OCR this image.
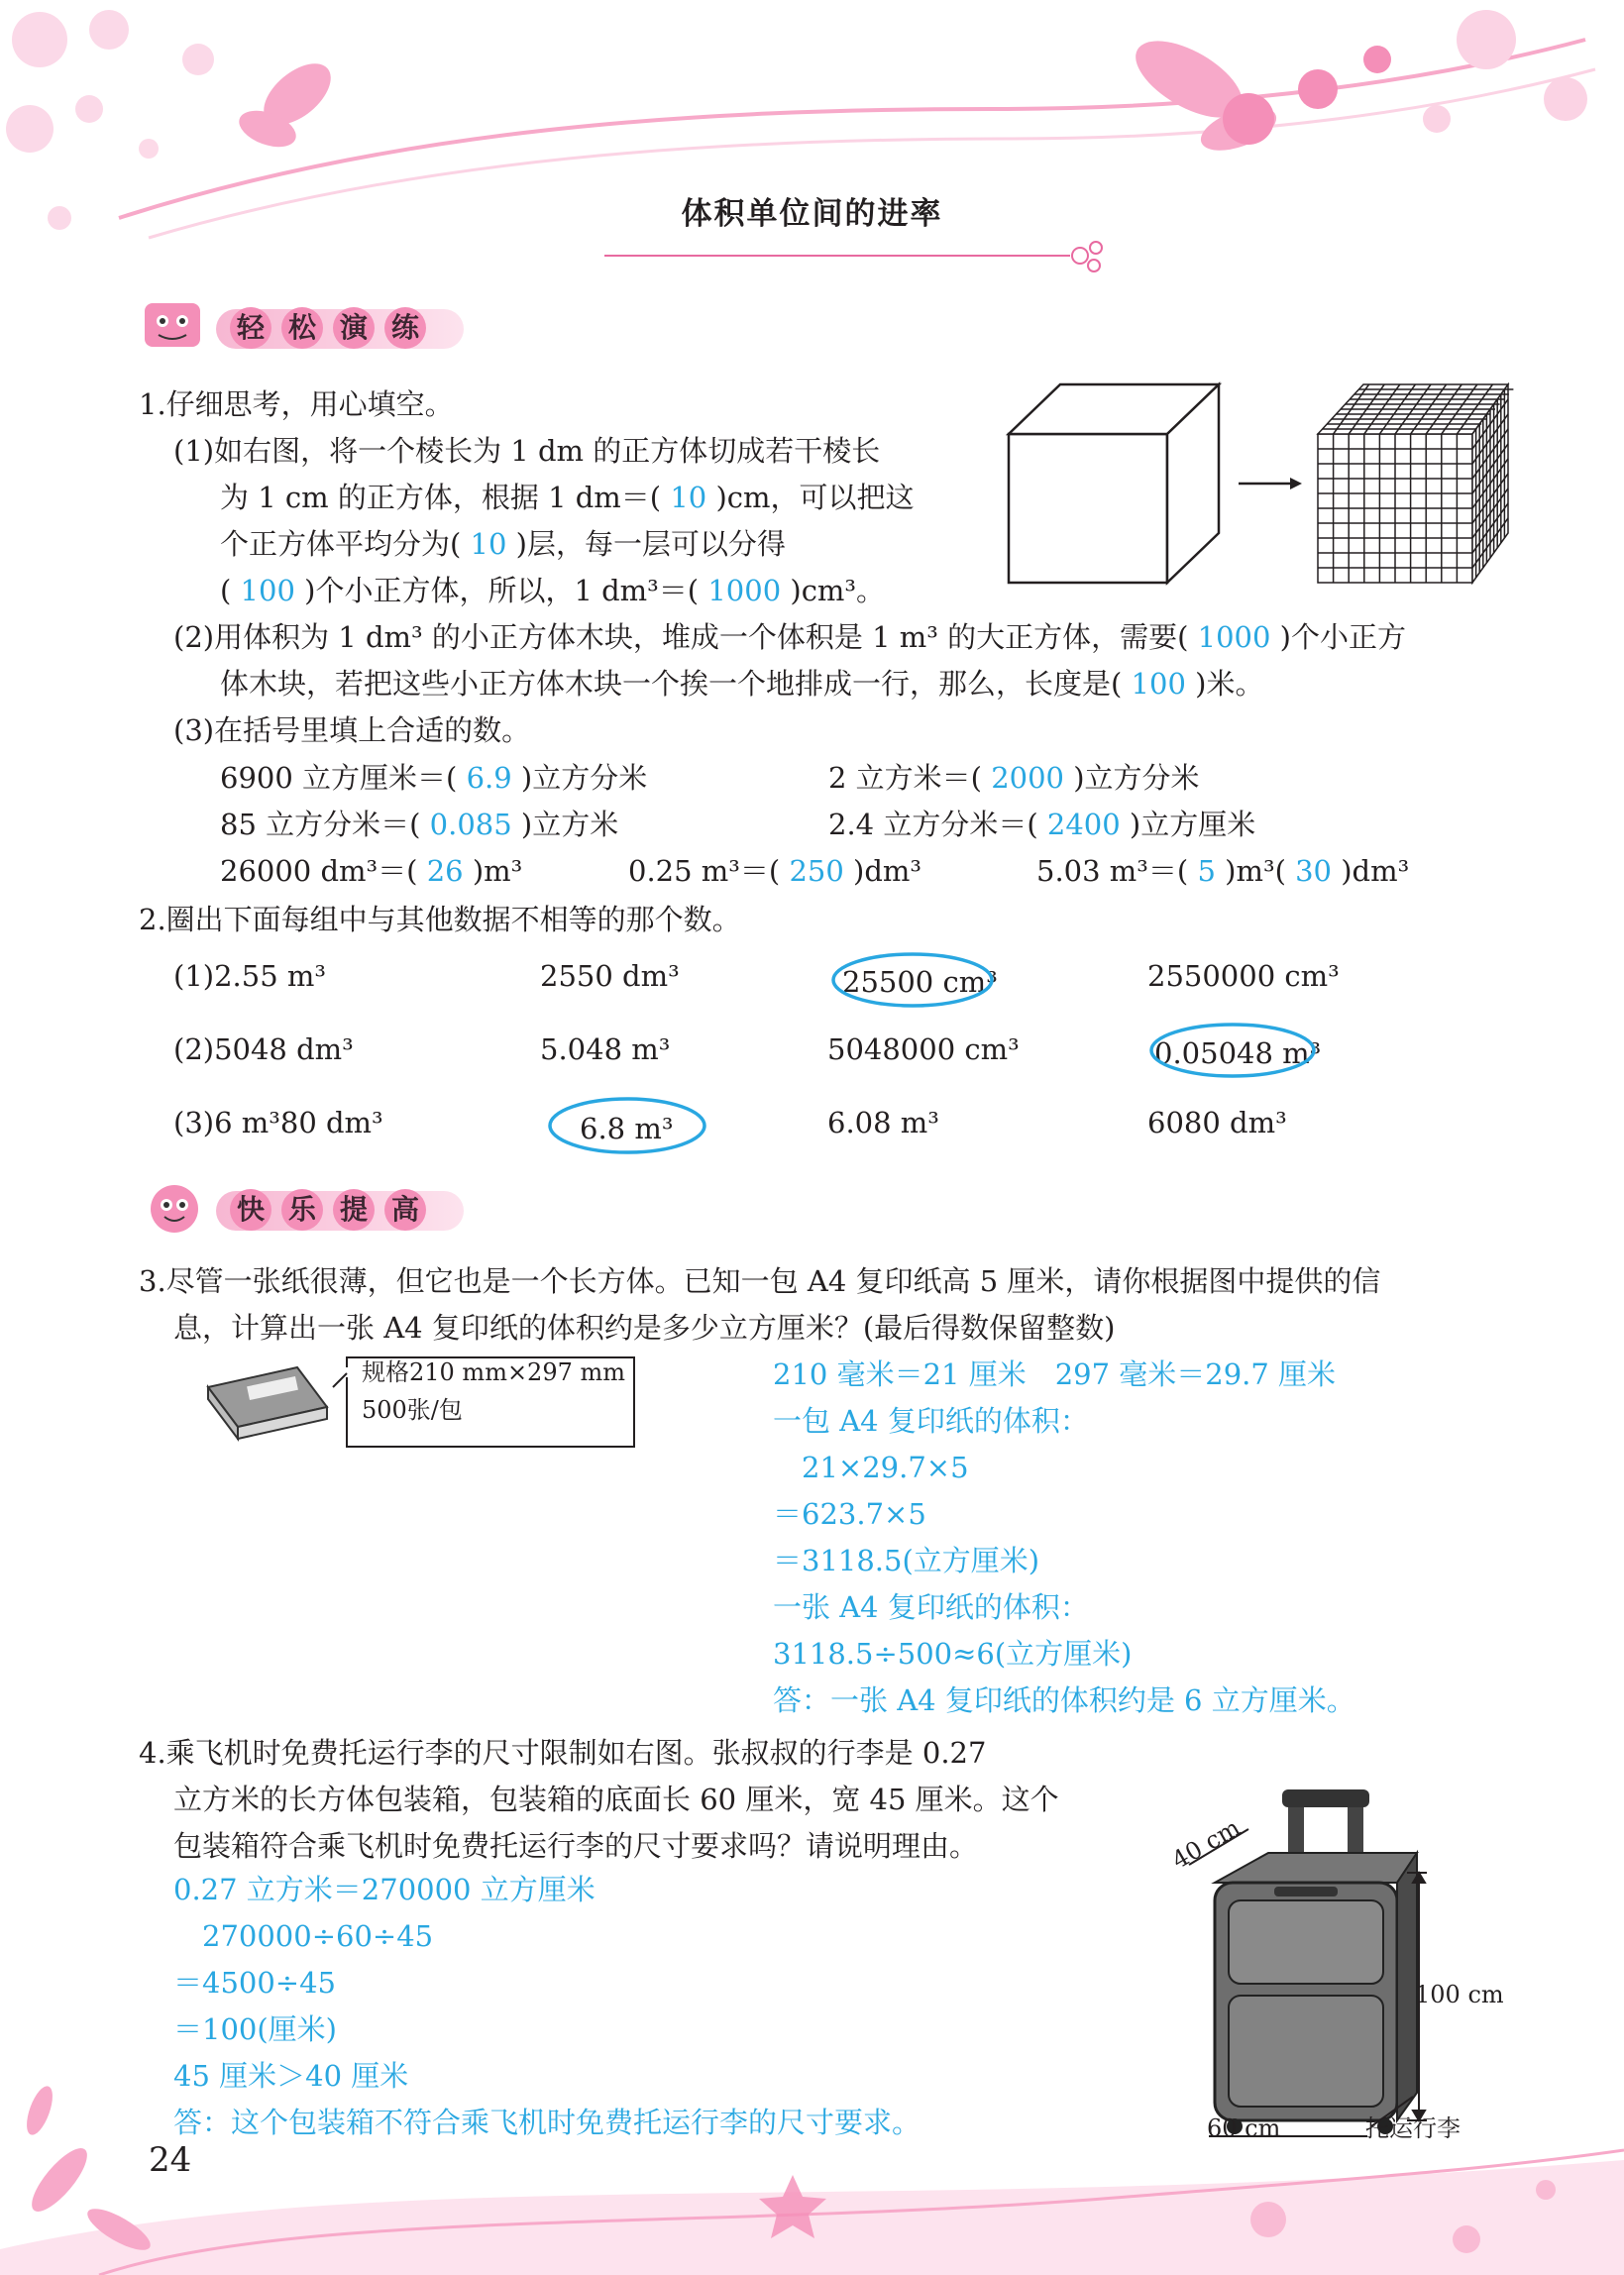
体积单位间的进率
轻 松 演 练
1.仔细思考，用心填空。
(1)如右图，将一个棱长为 1 dm 的正方体切成若干棱长
为 1 cm 的正方体，根据 1 dm＝( 10 )cm，可以把这
个正方体平均分为( 10 )层，每一层可以分得
( 100 )个小正方体，所以，1 dm³＝( 1000 )cm³。
(2)用体积为 1 dm³ 的小正方体木块，堆成一个体积是 1 m³ 的大正方体，需要( 1000 )个小正方
体木块，若把这些小正方体木块一个挨一个地排成一行，那么，长度是( 100 )米。
(3)在括号里填上合适的数。
6900 立方厘米＝( 6.9 )立方分米	2 立方米＝( 2000 )立方分米
85 立方分米＝( 0.085 )立方米	2.4 立方分米＝( 2400 )立方厘米
26000 dm³＝( 26 )m³	0.25 m³＝( 250 )dm³	5.03 m³＝( 5 )m³( 30 )dm³
2.圈出下面每组中与其他数据不相等的那个数。
(1)2.55 m³	2550 dm³	25500 cm³	2550000 cm³
(2)5048 dm³	5.048 m³	5048000 cm³	0.05048 m³
(3)6 m³80 dm³	6.8 m³	6.08 m³	6080 dm³
快 乐 提 高
3.尽管一张纸很薄，但它也是一个长方体。已知一包 A4 复印纸高 5 厘米，请你根据图中提供的信
息，计算出一张 A4 复印纸的体积约是多少立方厘米？(最后得数保留整数)
规格210 mm×297 mm
500张/包
210 毫米＝21 厘米　297 毫米＝29.7 厘米
一包 A4 复印纸的体积：
　21×29.7×5
＝623.7×5
＝3118.5(立方厘米)
一张 A4 复印纸的体积：
3118.5÷500≈6(立方厘米)
答：一张 A4 复印纸的体积约是 6 立方厘米。
4.乘飞机时免费托运行李的尺寸限制如右图。张叔叔的行李是 0.27
立方米的长方体包装箱，包装箱的底面长 60 厘米，宽 45 厘米。这个
包装箱符合乘飞机时免费托运行李的尺寸要求吗？请说明理由。
0.27 立方米＝270000 立方厘米
　270000÷60÷45
＝4500÷45
＝100(厘米)
45 厘米＞40 厘米
答：这个包装箱不符合乘飞机时免费托运行李的尺寸要求。
40 cm
100 cm
60 cm	托运行李
24
